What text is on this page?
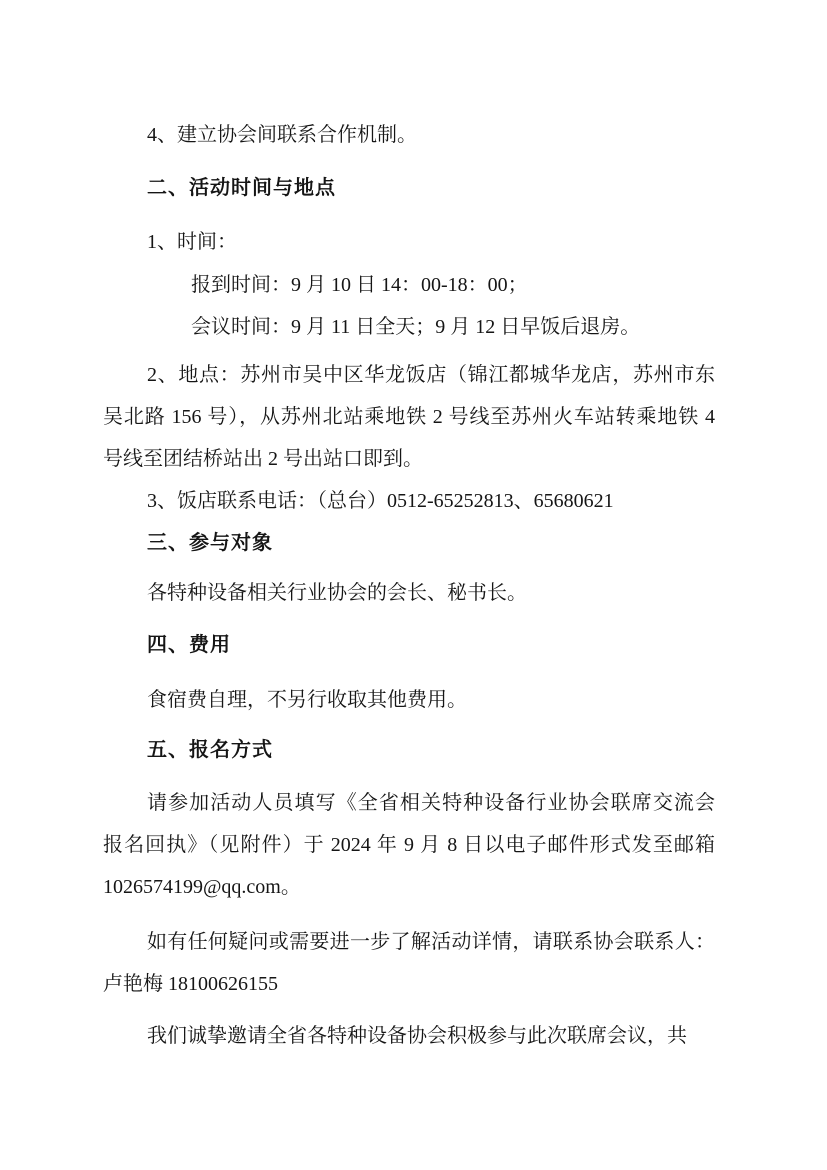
4、建立协会间联系合作机制。
二、活动时间与地点
1、时间：
报到时间：9 月 10 日 14：00-18：00；
会议时间：9 月 11 日全天；9 月 12 日早饭后退房。
2、地点：苏州市吴中区华龙饭店（锦江都城华龙店，苏州市东
吴北路 156 号），从苏州北站乘地铁 2 号线至苏州火车站转乘地铁 4
号线至团结桥站出 2 号出站口即到。
3、饭店联系电话：（总台）0512-65252813、65680621
三、参与对象
各特种设备相关行业协会的会长、秘书长。
四、费用
食宿费自理，不另行收取其他费用。
五、报名方式
请参加活动人员填写《全省相关特种设备行业协会联席交流会
报名回执》（见附件）于 2024 年 9 月 8 日以电子邮件形式发至邮箱
1026574199@qq.com。
如有任何疑问或需要进一步了解活动详情，请联系协会联系人：
卢艳梅 18100626155
我们诚挚邀请全省各特种设备协会积极参与此次联席会议，共
